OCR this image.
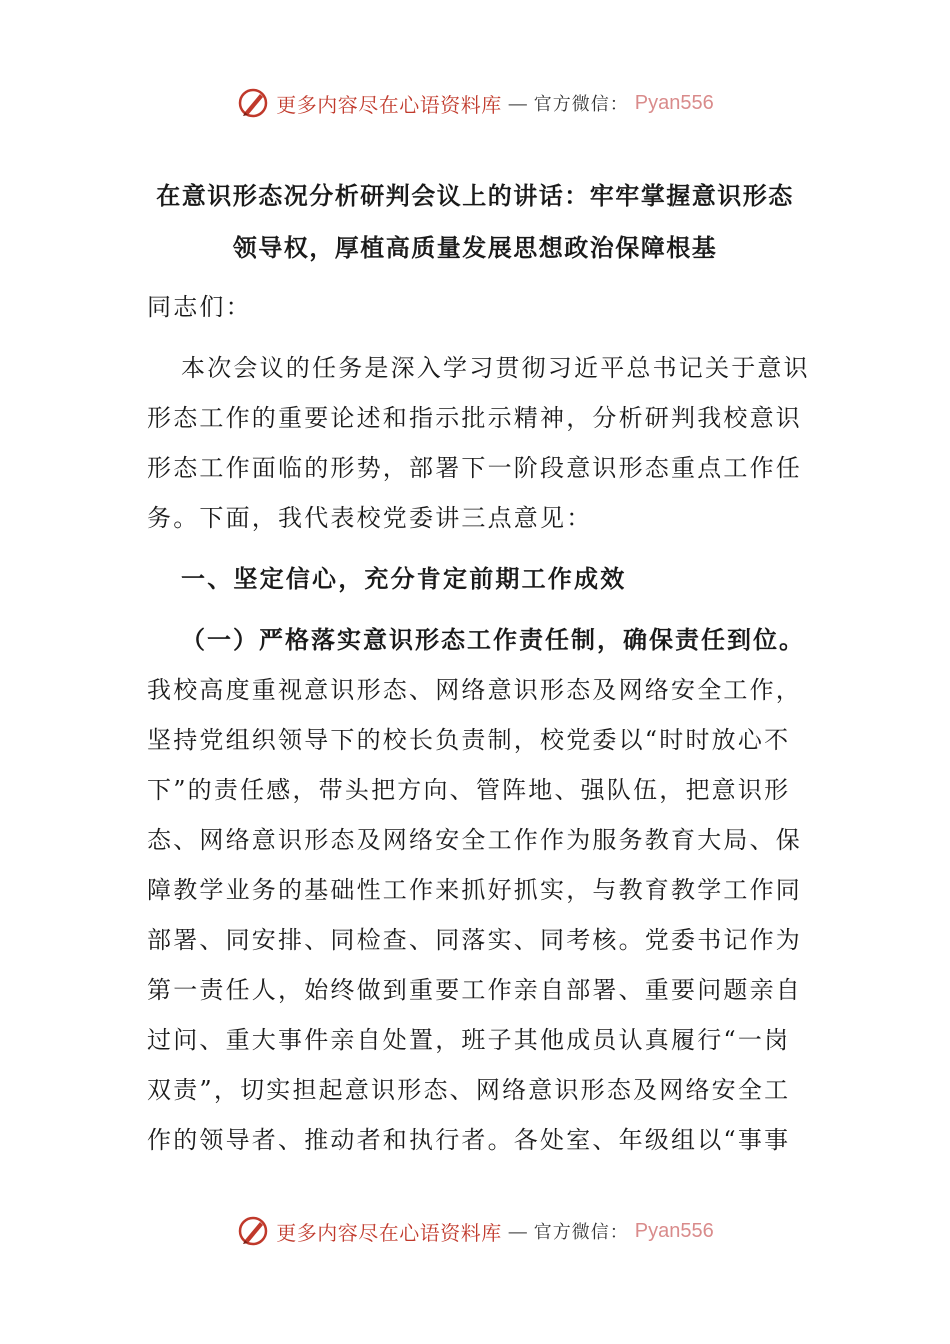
更多内容尽在心语资料库 — 官方微信： Pyan556
在意识形态况分析研判会议上的讲话：牢牢掌握意识形态
领导权，厚植高质量发展思想政治保障根基
同志们：
本次会议的任务是深入学习贯彻习近平总书记关于意识
形态工作的重要论述和指示批示精神，分析研判我校意识
形态工作面临的形势，部署下一阶段意识形态重点工作任
务。下面，我代表校党委讲三点意见：
一、坚定信心，充分肯定前期工作成效
（一）严格落实意识形态工作责任制，确保责任到位。
我校高度重视意识形态、网络意识形态及网络安全工作，
坚持党组织领导下的校长负责制，校党委以“时时放心不
下”的责任感，带头把方向、管阵地、强队伍，把意识形
态、网络意识形态及网络安全工作作为服务教育大局、保
障教学业务的基础性工作来抓好抓实，与教育教学工作同
部署、同安排、同检查、同落实、同考核。党委书记作为
第一责任人，始终做到重要工作亲自部署、重要问题亲自
过问、重大事件亲自处置，班子其他成员认真履行“一岗
双责”，切实担起意识形态、网络意识形态及网络安全工
作的领导者、推动者和执行者。各处室、年级组以“事事
更多内容尽在心语资料库 — 官方微信： Pyan556
